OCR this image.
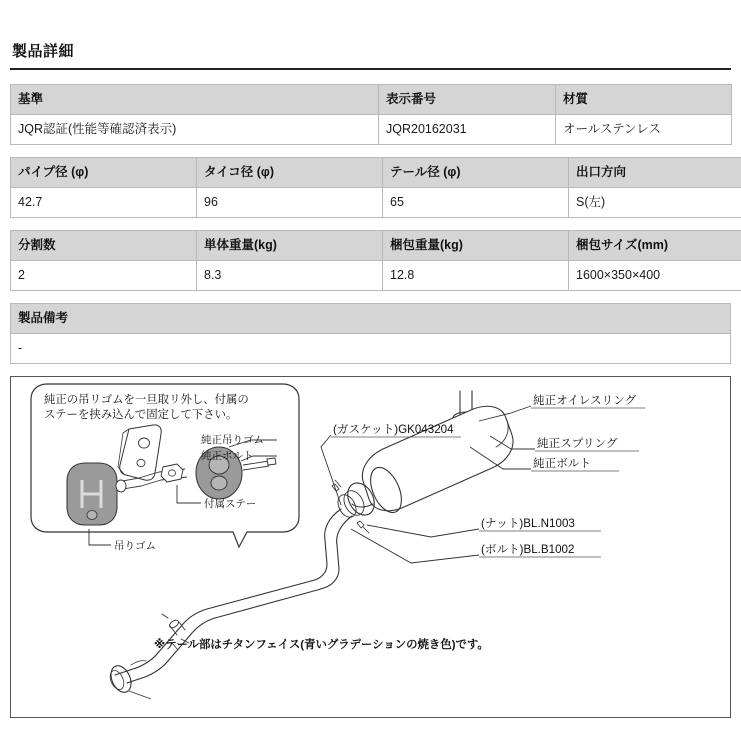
製品詳細
基準	表示番号	材質
JQR認証(性能等確認済表示)	JQR20162031	オールステンレス
パイプ径 (φ)	タイコ径 (φ)	テール径 (φ)	出口方向
42.7	96	65	S(左)
分割数	単体重量(kg)	梱包重量(kg)	梱包サイズ(mm)
2	8.3	12.8	1600×350×400
製品備考
-
純正の吊リゴムを一旦取リ外し、付属の
ステーを挟み込んで固定して下さい。
純正吊りゴム
純正ボルト
付属ステー
吊りゴム
(ガスケット)GK043204
(ナット)BL.N1003
(ボルト)BL.B1002
純正オイレスリング
純正スプリング
純正ボルト
※テール部はチタンフェイス(青いグラデーションの焼き色)です。
